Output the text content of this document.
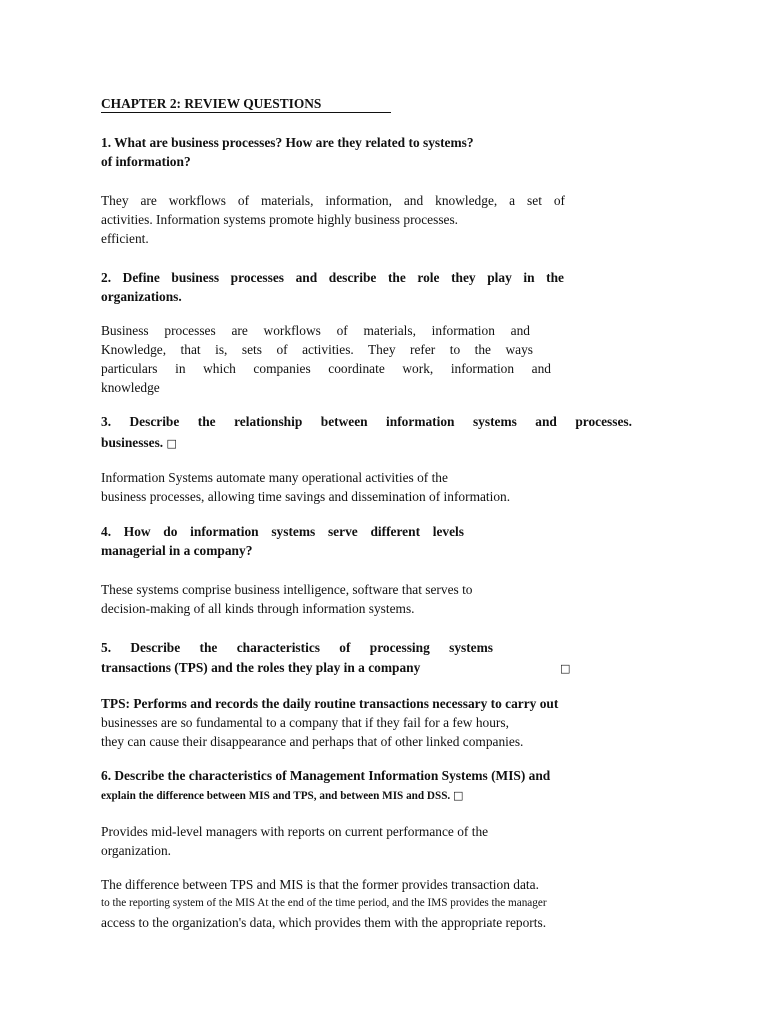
CHAPTER 2: REVIEW QUESTIONS
1. What are business processes? How are they related to systems?
of information?
They are workflows of materials, information, and knowledge, a set of
activities. Information systems promote highly business processes.
efficient.
2. Define business processes and describe the role they play in the
organizations.
Business processes are workflows of materials, information and
Knowledge, that is, sets of activities. They refer to the ways
particulars in which companies coordinate work, information and
knowledge
3. Describe the relationship between information systems and processes.
businesses. □
Information Systems automate many operational activities of the
business processes, allowing time savings and dissemination of information.
4. How do information systems serve different levels
managerial in a company?
These systems comprise business intelligence, software that serves to
decision-making of all kinds through information systems.
5. Describe the characteristics of processing systems
transactions (TPS) and the roles they play in a company	□
TPS: Performs and records the daily routine transactions necessary to carry out
businesses are so fundamental to a company that if they fail for a few hours,
they can cause their disappearance and perhaps that of other linked companies.
6. Describe the characteristics of Management Information Systems (MIS) and
explain the difference between MIS and TPS, and between MIS and DSS. □
Provides mid-level managers with reports on current performance of the
organization.
The difference between TPS and MIS is that the former provides transaction data.
to the reporting system of the MIS At the end of the time period, and the IMS provides the manager
access to the organization's data, which provides them with the appropriate reports.
